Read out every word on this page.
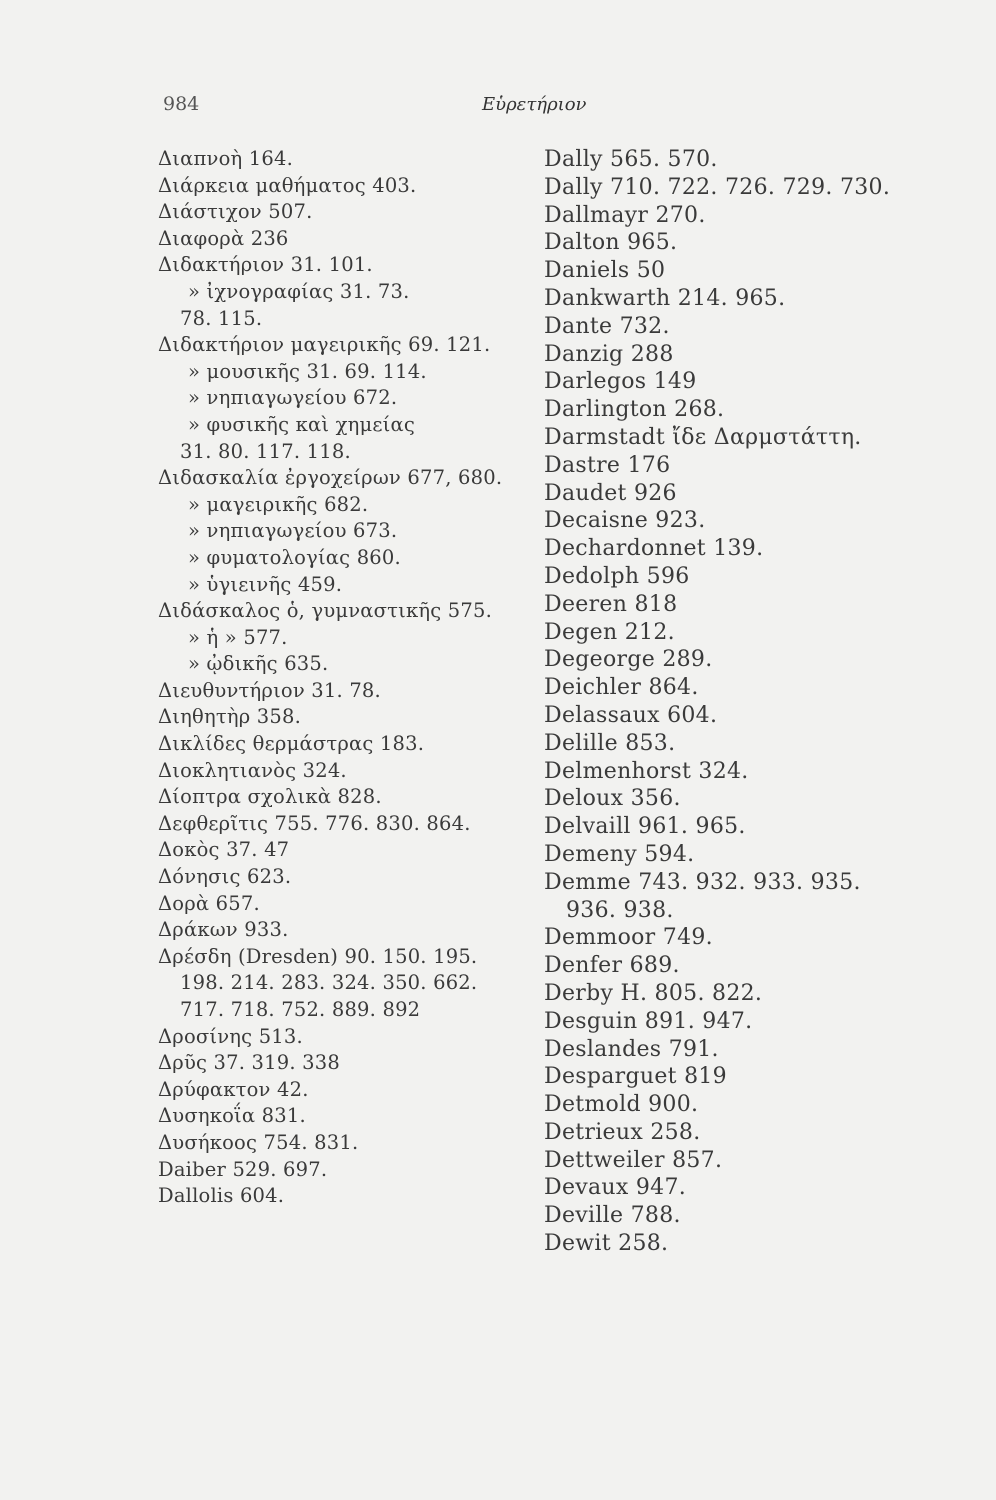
984	Εὑρετήριον
Διαπνοὴ 164.
Διάρκεια μαθήματος 403.
Διάστιχον 507.
Διαφορὰ 236
Διδακτήριον 31. 101.
» ἰχνογραφίας 31. 73.
78. 115.
Διδακτήριον μαγειρικῆς 69. 121.
» μουσικῆς 31. 69. 114.
» νηπιαγωγείου 672.
» φυσικῆς καὶ χημείας
31. 80. 117. 118.
Διδασκαλία ἐργοχείρων 677, 680.
» μαγειρικῆς 682.
» νηπιαγωγείου 673.
» φυματολογίας 860.
» ὑγιεινῆς 459.
Διδάσκαλος ὁ, γυμναστικῆς 575.
» ἡ » 577.
» ᾠδικῆς 635.
Διευθυντήριον 31. 78.
Διηθητὴρ 358.
Δικλίδες θερμάστρας 183.
Διοκλητιανὸς 324.
Δίοπτρα σχολικὰ 828.
Δεφθερῖτις 755. 776. 830. 864.
Δοκὸς 37. 47
Δόνησις 623.
Δορὰ 657.
Δράκων 933.
Δρέσδη (Dresden) 90. 150. 195.
198. 214. 283. 324. 350. 662.
717. 718. 752. 889. 892
Δροσίνης 513.
Δρῦς 37. 319. 338
Δρύφακτον 42.
Δυσηκοΐα 831.
Δυσήκοος 754. 831.
Daiber 529. 697.
Dallolis 604.
Dally 565. 570.
Dally 710. 722. 726. 729. 730.
Dallmayr 270.
Dalton 965.
Daniels 50
Dankwarth 214. 965.
Dante 732.
Danzig 288
Darlegos 149
Darlington 268.
Darmstadt ἴδε Δαρμστάττη.
Dastre 176
Daudet 926
Decaisne 923.
Dechardonnet 139.
Dedolph 596
Deeren 818
Degen 212.
Degeorge 289.
Deichler 864.
Delassaux 604.
Delille 853.
Delmenhorst 324.
Deloux 356.
Delvaill 961. 965.
Demeny 594.
Demme 743. 932. 933. 935.
936. 938.
Demmoor 749.
Denfer 689.
Derby H. 805. 822.
Desguin 891. 947.
Deslandes 791.
Desparguet 819
Detmold 900.
Detrieux 258.
Dettweiler 857.
Devaux 947.
Deville 788.
Dewit 258.
